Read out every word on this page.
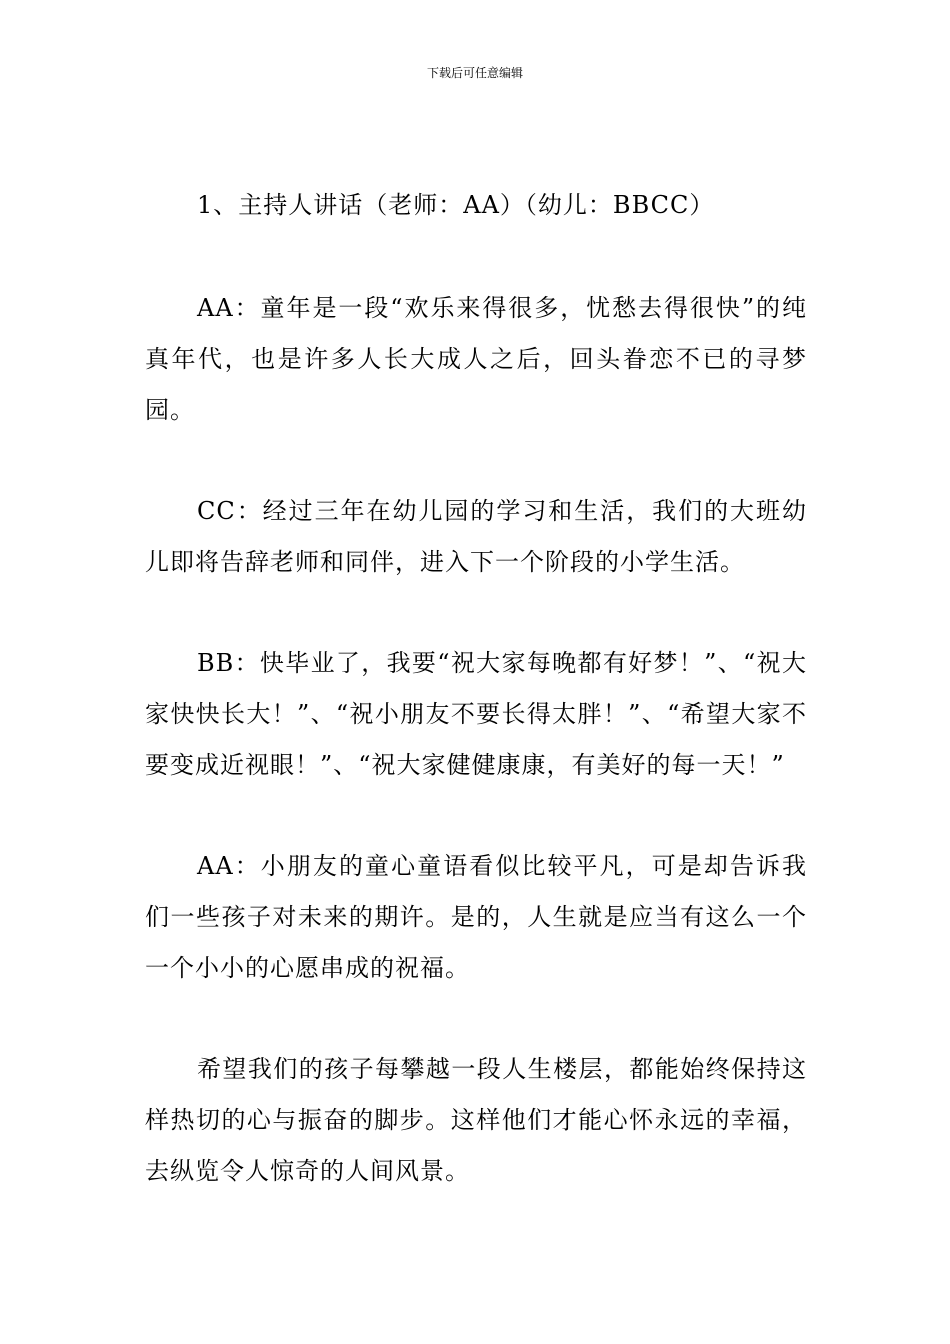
下载后可任意编辑

1、主持人讲话（老师：AA）（幼儿：BBCC）

AA：童年是一段“欢乐来得很多，忧愁去得很快”的纯真年代，也是许多人长大成人之后，回头眷恋不已的寻梦园。

CC：经过三年在幼儿园的学习和生活，我们的大班幼儿即将告辞老师和同伴，进入下一个阶段的小学生活。

BB：快毕业了，我要“祝大家每晚都有好梦！”、“祝大家快快长大！”、“祝小朋友不要长得太胖！”、“希望大家不要变成近视眼！”、“祝大家健健康康，有美好的每一天！”

AA：小朋友的童心童语看似比较平凡，可是却告诉我们一些孩子对未来的期许。是的，人生就是应当有这么一个一个小小的心愿串成的祝福。

希望我们的孩子每攀越一段人生楼层，都能始终保持这样热切的心与振奋的脚步。这样他们才能心怀永远的幸福，去纵览令人惊奇的人间风景。
